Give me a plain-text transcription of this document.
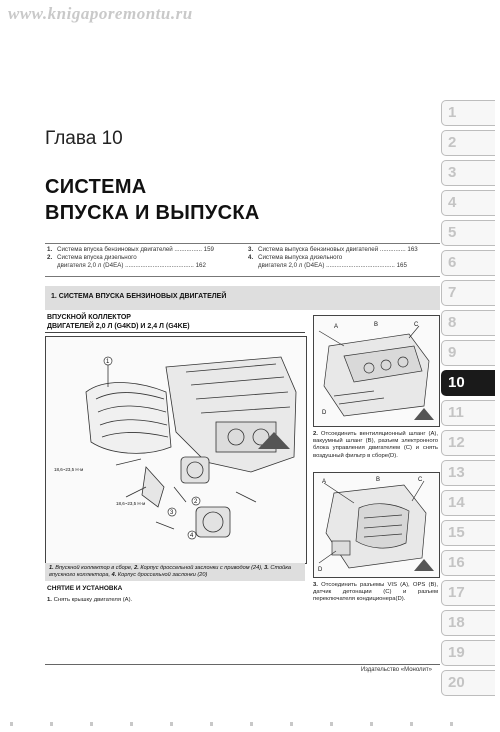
www.knigaporemontu.ru
Глава 10
СИСТЕМА
ВПУСКА И ВЫПУСКА
1. Система впуска бензиновых двигателей ................ 159
2. Система впуска дизельного
двигателя 2,0 л (D4EA) ........................................ 162
3. Система выпуска бензиновых двигателей ............... 163
4. Система выпуска дизельного
двигателя 2,0 л (D4EA) ........................................ 165
1. СИСТЕМА ВПУСКА БЕНЗИНОВЫХ ДВИГАТЕЛЕЙ
ВПУСКНОЙ КОЛЛЕКТОР
ДВИГАТЕЛЕЙ 2,0 Л (G4KD) И 2,4 Л (G4KE)
1
2
3
4
18,6~23,5 Н·м
18,6~23,5 Н·м
1. Впускной коллектор в сборе, 2. Корпус дроссельной заслонки с приводом (24), 3. Стойка впускного коллектора, 4. Корпус дроссельной заслонки (20)
СНЯТИЕ И УСТАНОВКА
1. Снять крышку двигателя (A).
A	B	C
D
2. Отсоединить вентиляционный шланг (A), вакуумный шланг (B), разъем электронного блока управления двигателем (C) и снять воздушный фильтр в сборе(D).
A	B	C
D
3. Отсоединить разъемы VIS (A), OPS (B), датчик детонации (C) и разъем переключателя кондиционера(D).
Издательство «Монолит»
1
2
3
4
5
6
7
8
9
10
11
12
13
14
15
16
17
18
19
20
